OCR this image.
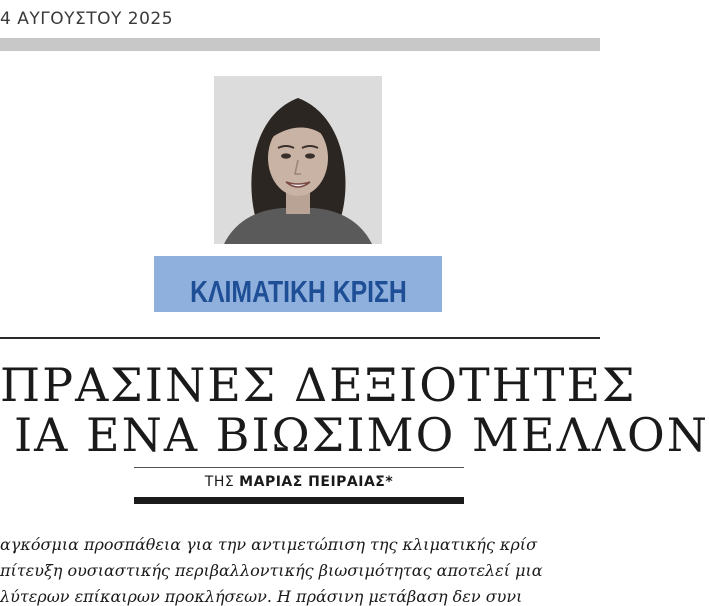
4 ΑΥΓΟΥΣΤΟΥ 2025
ΚΛΙΜΑΤΙΚΗ ΚΡΙΣΗ
ΠΡΑΣΙΝΕΣ ΔΕΞΙΟΤΗΤΕΣ
ΙΑ ΕΝΑ ΒΙΩΣΙΜΟ ΜΕΛΛΟΝ
ΤΗΣ ΜΑΡΙΑΣ ΠΕΙΡΑΙΑΣ*
αγκόσμια προσπάθεια για την αντιμετώπιση της κλιματικής κρίσ
πίτευξη ουσιαστικής περιβαλλοντικής βιωσιμότητας αποτελεί μια
λύτερων επίκαιρων προκλήσεων. Η πράσινη μετάβαση δεν συνι
